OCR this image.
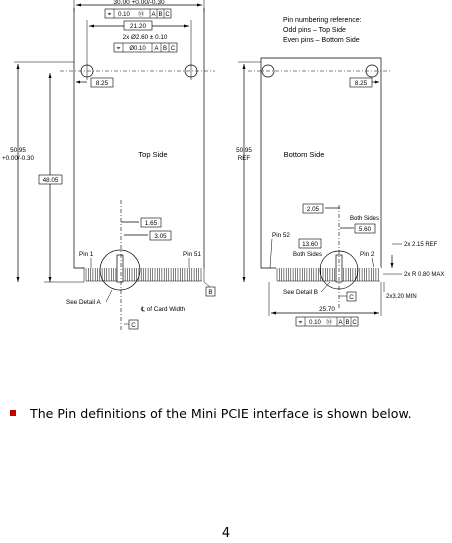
30.00 +0.00/-0.30
⌖ 0.10 Ⓜ A B C
21.20
2x Ø2.60 ± 0.10
⌖ Ø0.10 A B C
8.25
50.95
+0.00/-0.30
48.05
Top Side
1.65
3.05
Pin 1	Pin 51
See Detail A
B
C
℄ of Card Width
Pin numbering reference:
Odd pins – Top Side
Even pins – Bottom Side
8.25
50.95
REF	Bottom Side
2.05
Both Sides
5.60
Pin 52
13.60
Both Sides	Pin 2
2x 2.15 REF
2x R 0.80 MAX
See Detail B
C	2x3.20 MIN
25.70
⌖ 0.10 Ⓜ A B C
The Pin definitions of the Mini PCIE interface is shown below.
4
